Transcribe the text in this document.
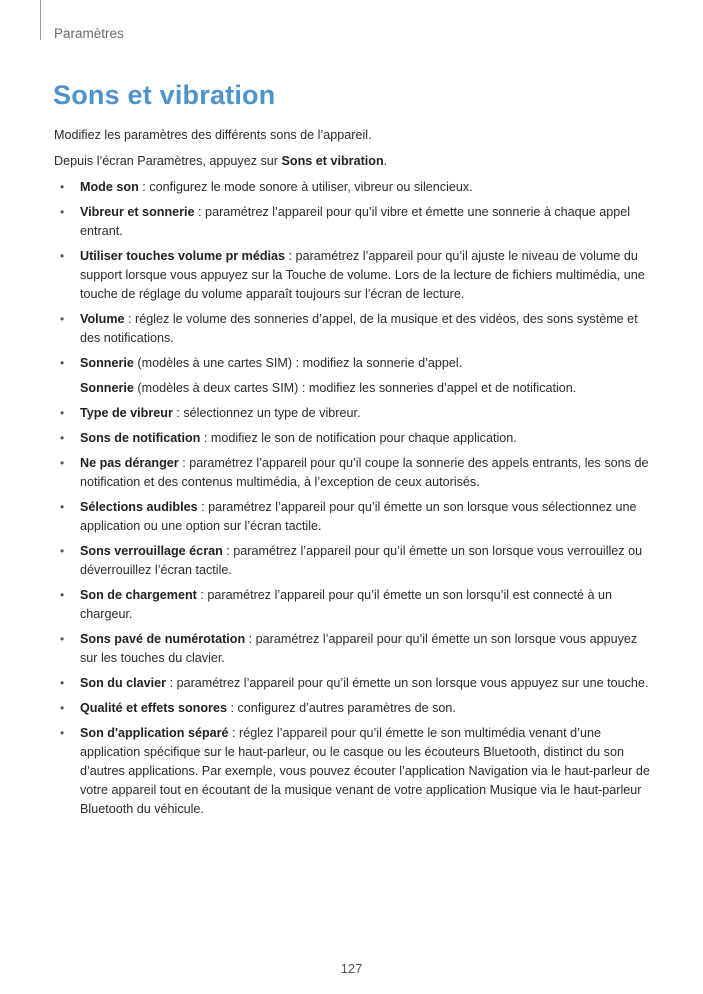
Paramètres
Sons et vibration

Modifiez les paramètres des différents sons de l’appareil.

Depuis l’écran Paramètres, appuyez sur Sons et vibration.

• Mode son : configurez le mode sonore à utiliser, vibreur ou silencieux.
• Vibreur et sonnerie : paramétrez l’appareil pour qu’il vibre et émette une sonnerie à chaque appel entrant.
• Utiliser touches volume pr médias : paramétrez l’appareil pour qu’il ajuste le niveau de volume du support lorsque vous appuyez sur la Touche de volume. Lors de la lecture de fichiers multimédia, une touche de réglage du volume apparaît toujours sur l’écran de lecture.
• Volume : réglez le volume des sonneries d’appel, de la musique et des vidéos, des sons système et des notifications.
• Sonnerie (modèles à une cartes SIM) : modifiez la sonnerie d’appel.
Sonnerie (modèles à deux cartes SIM) : modifiez les sonneries d’appel et de notification.
• Type de vibreur : sélectionnez un type de vibreur.
• Sons de notification : modifiez le son de notification pour chaque application.
• Ne pas déranger : paramétrez l’appareil pour qu’il coupe la sonnerie des appels entrants, les sons de notification et des contenus multimédia, à l’exception de ceux autorisés.
• Sélections audibles : paramétrez l’appareil pour qu’il émette un son lorsque vous sélectionnez une application ou une option sur l’écran tactile.
• Sons verrouillage écran : paramétrez l’appareil pour qu’il émette un son lorsque vous verrouillez ou déverrouillez l’écran tactile.
• Son de chargement : paramétrez l’appareil pour qu’il émette un son lorsqu’il est connecté à un chargeur.
• Sons pavé de numérotation : paramétrez l’appareil pour qu’il émette un son lorsque vous appuyez sur les touches du clavier.
• Son du clavier : paramétrez l’appareil pour qu’il émette un son lorsque vous appuyez sur une touche.
• Qualité et effets sonores : configurez d’autres paramètres de son.
• Son d'application séparé : réglez l’appareil pour qu’il émette le son multimédia venant d’une application spécifique sur le haut-parleur, ou le casque ou les écouteurs Bluetooth, distinct du son d’autres applications. Par exemple, vous pouvez écouter l’application Navigation via le haut-parleur de votre appareil tout en écoutant de la musique venant de votre application Musique via le haut-parleur Bluetooth du véhicule.
127
